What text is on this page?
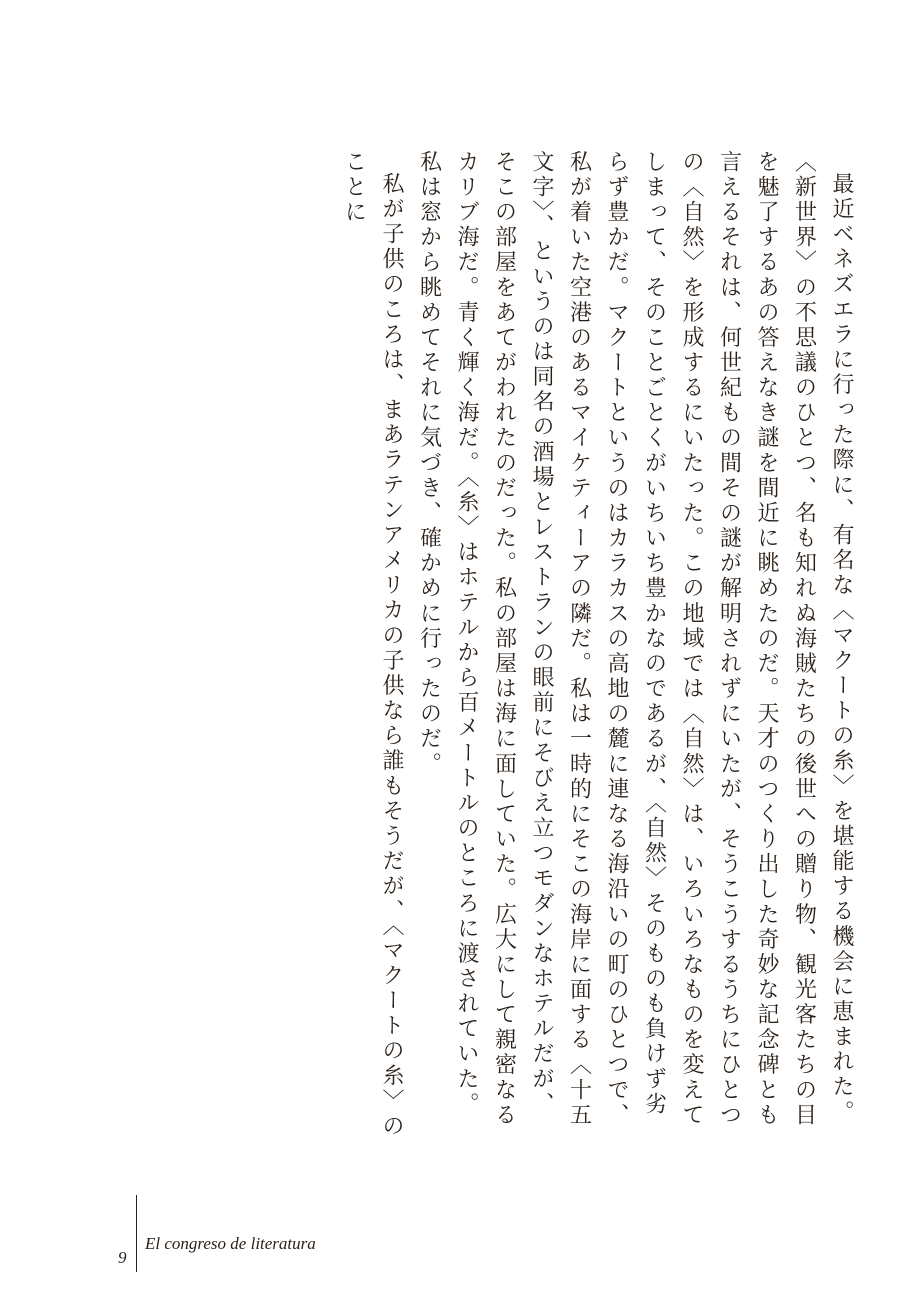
最近ベネズエラに行った際に、有名な〈マクートの糸〉を堪能する機会に恵まれた。〈新世界〉の不思議のひとつ、名も知れぬ海賊たちの後世への贈り物、観光客たちの目を魅了するあの答えなき謎を間近に眺めたのだ。天才のつくり出した奇妙な記念碑とも言えるそれは、何世紀もの間その謎が解明されずにいたが、そうこうするうちにひとつの〈自然〉を形成するにいたった。この地域では〈自然〉は、いろいろなものを変えてしまって、そのことごとくがいちいち豊かなのであるが、〈自然〉そのものも負けず劣らず豊かだ。マクートというのはカラカスの高地の麓に連なる海沿いの町のひとつで、私が着いた空港のあるマイケティーアの隣だ。私は一時的にそこの海岸に面する〈十五文字〉、というのは同名の酒場とレストランの眼前にそびえ立つモダンなホテルだが、そこの部屋をあてがわれたのだった。私の部屋は海に面していた。広大にして親密なるカリブ海だ。青く輝く海だ。〈糸〉はホテルから百メートルのところに渡されていた。私は窓から眺めてそれに気づき、確かめに行ったのだ。

私が子供のころは、まあラテンアメリカの子供なら誰もそうだが、〈マクートの糸〉のことに

9
El congreso de literatura
